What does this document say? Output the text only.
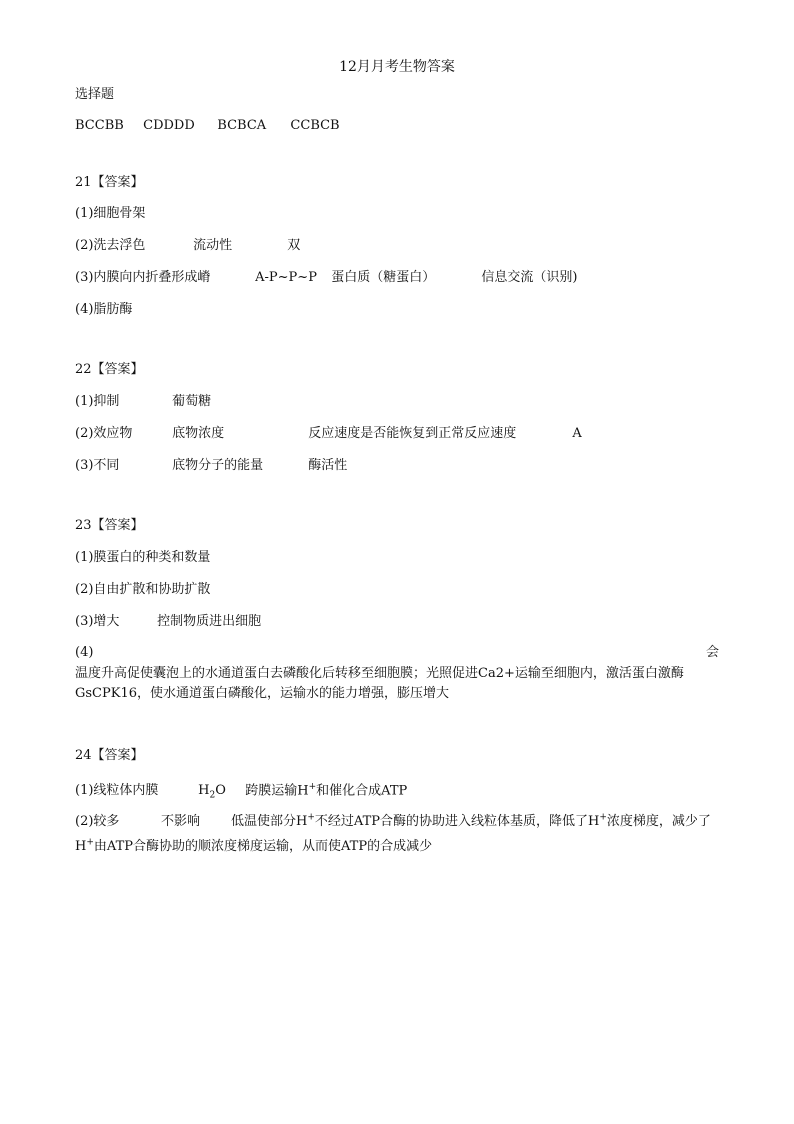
12月月考生物答案
选择题
BCCBB CDDDD BCBCA CCBCB
21【答案】
(1)细胞骨架
(2)洗去浮色	流动性	双
(3)内膜向内折叠形成嵴	A-P~P~P 蛋白质（糖蛋白）	信息交流（识别)
(4)脂肪酶
22【答案】
(1)抑制	葡萄糖
(2)效应物	底物浓度	反应速度是否能恢复到正常反应速度	A
(3)不同	底物分子的能量	酶活性
23【答案】
(1)膜蛋白的种类和数量
(2)自由扩散和协助扩散
(3)增大	控制物质进出细胞
(4)	会
温度升高促使囊泡上的水通道蛋白去磷酸化后转移至细胞膜；光照促进Ca2+运输至细胞内，激活蛋白激酶GsCPK16，使水通道蛋白磷酸化，运输水的能力增强，膨压增大
24【答案】
(1)线粒体内膜	$H_2O$ 跨膜运输H+和催化合成ATP
(2)较多	不影响 低温使部分H+不经过ATP合酶的协助进入线粒体基质，降低了H+浓度梯度，减少了H+由ATP合酶协助的顺浓度梯度运输，从而使ATP的合成减少
